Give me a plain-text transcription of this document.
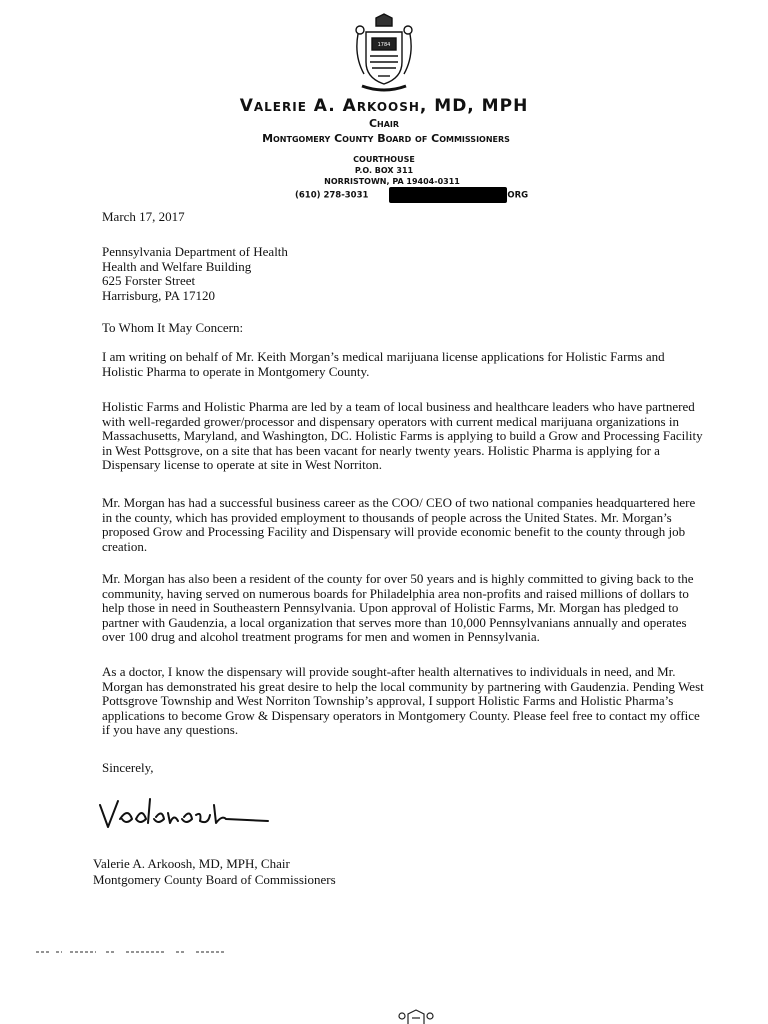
1784
Valerie A. Arkoosh, MD, MPH
Chair
Montgomery County Board of Commissioners
COURTHOUSE
P.O. BOX 311
NORRISTOWN, PA 19404-0311
(610) 278-3031	ORG
March 17, 2017
Pennsylvania Department of Health
Health and Welfare Building
625 Forster Street
Harrisburg, PA 17120
To Whom It May Concern:
I am writing on behalf of Mr. Keith Morgan’s medical marijuana license applications for Holistic Farms and Holistic Pharma to operate in Montgomery County.
Holistic Farms and Holistic Pharma are led by a team of local business and healthcare leaders who have partnered with well-regarded grower/processor and dispensary operators with current medical marijuana organizations in Massachusetts, Maryland, and Washington, DC. Holistic Farms is applying to build a Grow and Processing Facility in West Pottsgrove, on a site that has been vacant for nearly twenty years. Holistic Pharma is applying for a Dispensary license to operate at site in West Norriton.
Mr. Morgan has had a successful business career as the COO/ CEO of two national companies headquartered here in the county, which has provided employment to thousands of people across the United States. Mr. Morgan’s proposed Grow and Processing Facility and Dispensary will provide economic benefit to the county through job creation.
Mr. Morgan has also been a resident of the county for over 50 years and is highly committed to giving back to the community, having served on numerous boards for Philadelphia area non-profits and raised millions of dollars to help those in need in Southeastern Pennsylvania. Upon approval of Holistic Farms, Mr. Morgan has pledged to partner with Gaudenzia, a local organization that serves more than 10,000 Pennsylvanians annually and operates over 100 drug and alcohol treatment programs for men and women in Pennsylvania.
As a doctor, I know the dispensary will provide sought-after health alternatives to individuals in need, and Mr. Morgan has demonstrated his great desire to help the local community by partnering with Gaudenzia. Pending West Pottsgrove Township and West Norriton Township’s approval, I support Holistic Farms and Holistic Pharma’s applications to become Grow & Dispensary operators in Montgomery County. Please feel free to contact my office if you have any questions.
Sincerely,
Valerie A. Arkoosh, MD, MPH, Chair
Montgomery County Board of Commissioners
